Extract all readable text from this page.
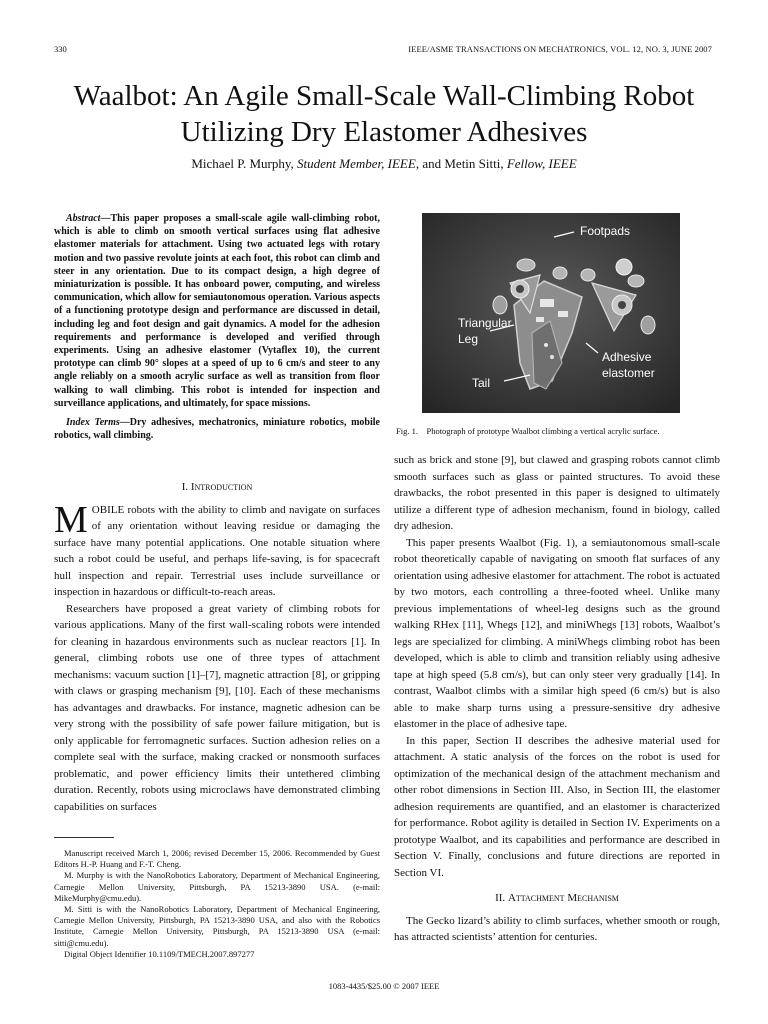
330	IEEE/ASME TRANSACTIONS ON MECHATRONICS, VOL. 12, NO. 3, JUNE 2007
Waalbot: An Agile Small-Scale Wall-Climbing Robot
Utilizing Dry Elastomer Adhesives
Michael P. Murphy, Student Member, IEEE, and Metin Sitti, Fellow, IEEE

Abstract—This paper proposes a small-scale agile wall-climbing robot, which is able to climb on smooth vertical surfaces using flat adhesive elastomer materials for attachment. Using two actuated legs with rotary motion and two passive revolute joints at each foot, this robot can climb and steer in any orientation. Due to its compact design, a high degree of miniaturization is possible. It has onboard power, computing, and wireless communication, which allow for semiautonomous operation. Various aspects of a functioning prototype design and performance are discussed in detail, including leg and foot design and gait dynamics. A model for the adhesion requirements and performance is developed and verified through experiments. Using an adhesive elastomer (Vytaflex 10), the current prototype can climb 90° slopes at a speed of up to 6 cm/s and steer to any angle reliably on a smooth acrylic surface as well as transition from floor walking to wall climbing. This robot is intended for inspection and surveillance applications, and ultimately, for space missions.

Index Terms—Dry adhesives, mechatronics, miniature robotics, mobile robotics, wall climbing.

I. Introduction

MOBILE robots with the ability to climb and navigate on surfaces of any orientation without leaving residue or damaging the surface have many potential applications. One notable situation where such a robot could be useful, and perhaps life-saving, is for spacecraft hull inspection and repair. Terrestrial uses include surveillance or inspection in hazardous or difficult-to-reach areas.

Researchers have proposed a great variety of climbing robots for various applications. Many of the first wall-scaling robots were intended for cleaning in hazardous environments such as nuclear reactors [1]. In general, climbing robots use one of three types of attachment mechanisms: vacuum suction [1]–[7], magnetic attraction [8], or gripping with claws or grasping mechanism [9], [10]. Each of these mechanisms has advantages and drawbacks. For instance, magnetic adhesion can be very strong with the possibility of safe power failure mitigation, but is only applicable for ferromagnetic surfaces. Suction adhesion relies on a complete seal with the surface, making cracked or nonsmooth surfaces problematic, and power efficiency limits their untethered climbing duration. Recently, robots using microclaws have demonstrated climbing capabilities on surfaces

Manuscript received March 1, 2006; revised December 15, 2006. Recommended by Guest Editors H.-P. Huang and F.-T. Cheng.

M. Murphy is with the NanoRobotics Laboratory, Department of Mechanical Engineering, Carnegie Mellon University, Pittsburgh, PA 15213-3890 USA. (e-mail: MikeMurphy@cmu.edu).

M. Sitti is with the NanoRobotics Laboratory, Department of Mechanical Engineering, Carnegie Mellon University, Pittsburgh, PA 15213-3890 USA, and also with the Robotics Institute, Carnegie Mellon University, Pittsburgh, PA 15213-3890 USA (e-mail: sitti@cmu.edu).

Digital Object Identifier 10.1109/TMECH.2007.897277

Footpads
Triangular
Leg
Adhesive
elastomer
Tail
Fig. 1.    Photograph of prototype Waalbot climbing a vertical acrylic surface.

such as brick and stone [9], but clawed and grasping robots cannot climb smooth surfaces such as glass or painted structures. To avoid these drawbacks, the robot presented in this paper is designed to ultimately utilize a different type of adhesion mechanism, found in biology, called dry adhesion.

This paper presents Waalbot (Fig. 1), a semiautonomous small-scale robot theoretically capable of navigating on smooth flat surfaces of any orientation using adhesive elastomer for attachment. The robot is actuated by two motors, each controlling a three-footed wheel. Unlike many previous implementations of wheel-leg designs such as the ground walking RHex [11], Whegs [12], and miniWhegs [13] robots, Waalbot’s legs are specialized for climbing. A miniWhegs climbing robot has been developed, which is able to climb and transition reliably using adhesive tape at high speed (5.8 cm/s), but can only steer very gradually [14]. In contrast, Waalbot climbs with a similar high speed (6 cm/s) but is also able to make sharp turns using a pressure-sensitive dry adhesive elastomer in the place of adhesive tape.

In this paper, Section II describes the adhesive material used for attachment. A static analysis of the forces on the robot is used for optimization of the mechanical design of the attachment mechanism and other robot dimensions in Section III. Also, in Section III, the elastomer adhesion requirements are quantified, and an elastomer is characterized for performance. Robot agility is detailed in Section IV. Experiments on a prototype Waalbot, and its capabilities and performance are described in Section V. Finally, conclusions and future directions are reported in Section VI.

II. Attachment Mechanism

The Gecko lizard’s ability to climb surfaces, whether smooth or rough, has attracted scientists’ attention for centuries.

1083-4435/$25.00 © 2007 IEEE
